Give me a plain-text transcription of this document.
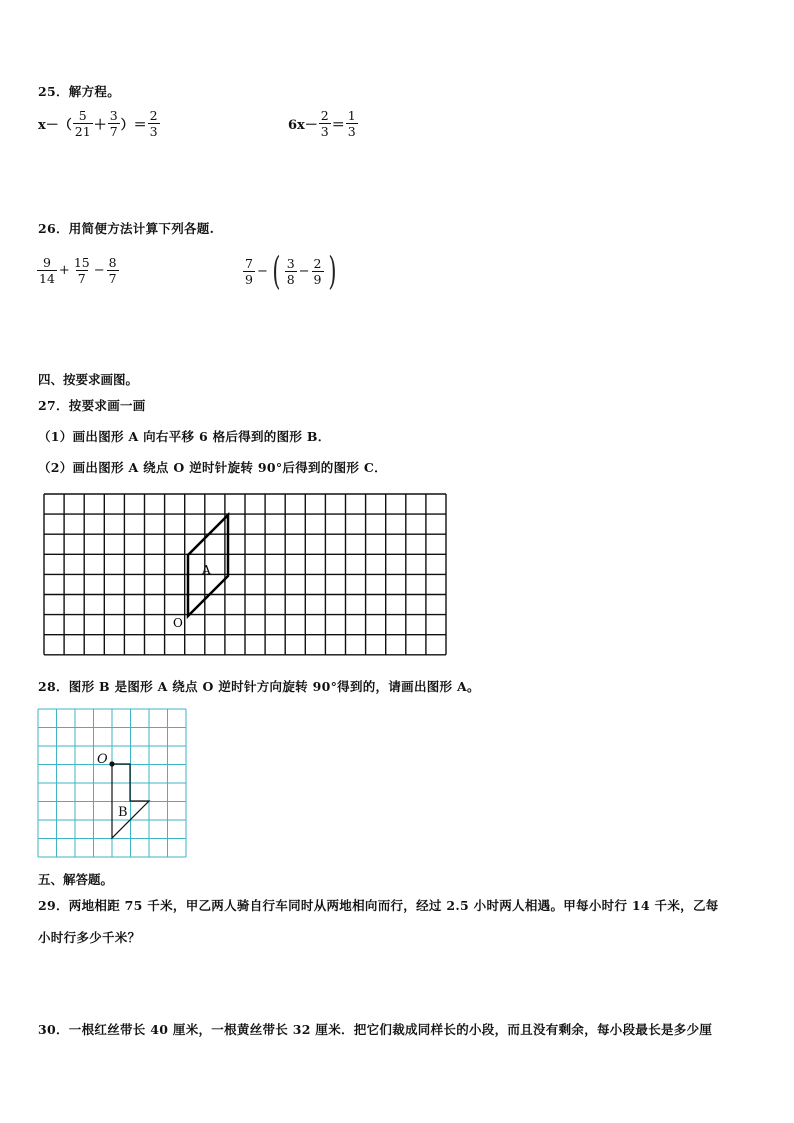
25．解方程。
$x-( \frac{5}{21} + \frac{3}{7}$ ）＝ $\frac{2}{3}$	$6x- \frac{2}{3} = \frac{1}{3}$
26．用简便方法计算下列各题.
$\frac{9}{14} + \frac{15}{7} - \frac{8}{7}$	$\frac{7}{9}$ − ( $\frac{3}{8} - \frac{2}{9}$ )
四、按要求画图。
27．按要求画一画
（1）画出图形 A 向右平移 6 格后得到的图形 B．
（2）画出图形 A 绕点 O 逆时针旋转 90°后得到的图形 C．
A
O
28．图形 B 是图形 A 绕点 O 逆时针方向旋转 90°得到的，请画出图形 A。
O
B
五、解答题。
29．两地相距 75 千米，甲乙两人骑自行车同时从两地相向而行，经过 2.5 小时两人相遇。甲每小时行 14 千米，乙每
小时行多少千米？
30．一根红丝带长 40 厘米，一根黄丝带长 32 厘米．把它们裁成同样长的小段，而且没有剩余，每小段最长是多少厘
